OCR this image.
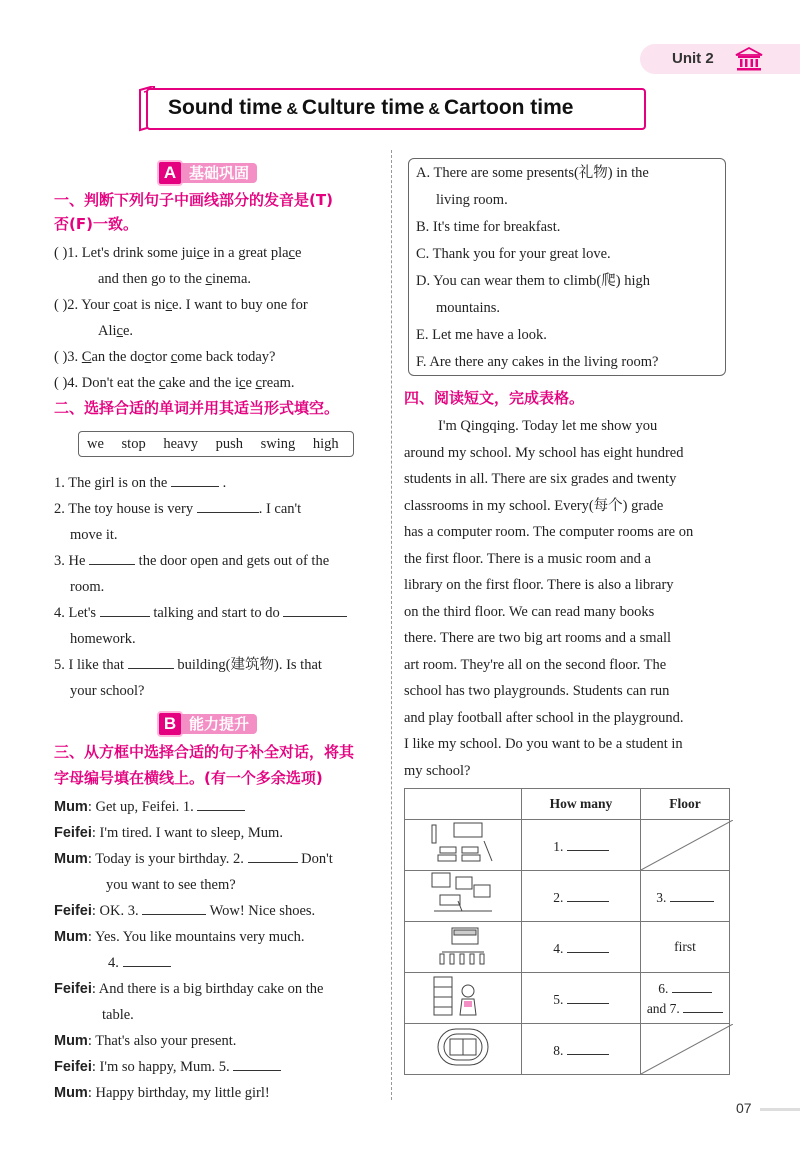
Unit 2
Sound time & Culture time & Cartoon time
A 基础巩固
一、判断下列句子中画线部分的发音是(T)
否(F)一致。
( )1. Let's drink some juice in a great place
and then go to the cinema.
( )2. Your coat is nice. I want to buy one for
Alice.
( )3. Can the doctor come back today?
( )4. Don't eat the cake and the ice cream.
二、选择合适的单词并用其适当形式填空。
we stop heavy push swing high
1. The girl is on the	.
2. The toy house is very	. I can't
move it.
3. He	the door open and gets out of the
room.
4. Let's	talking and start to do
homework.
5. I like that	building(建筑物). Is that
your school?
B 能力提升
三、从方框中选择合适的句子补全对话，将其
字母编号填在横线上。(有一个多余选项)
Mum: Get up, Feifei. 1.
Feifei: I'm tired. I want to sleep, Mum.
Mum: Today is your birthday. 2.	Don't
you want to see them?
Feifei: OK. 3.	Wow! Nice shoes.
Mum: Yes. You like mountains very much.
4.
Feifei: And there is a big birthday cake on the
table.
Mum: That's also your present.
Feifei: I'm so happy, Mum. 5.
Mum: Happy birthday, my little girl!
A. There are some presents(礼物) in the
living room.
B. It's time for breakfast.
C. Thank you for your great love.
D. You can wear them to climb(爬) high
mountains.
E. Let me have a look.
F. Are there any cakes in the living room?
四、阅读短文，完成表格。
I'm Qingqing. Today let me show you
around my school. My school has eight hundred
students in all. There are six grades and twenty
classrooms in my school. Every(每个) grade
has a computer room. The computer rooms are on
the first floor. There is a music room and a
library on the first floor. There is also a library
on the third floor. We can read many books
there. There are two big art rooms and a small
art room. They're all on the second floor. The
school has two playgrounds. Students can run
and play football after school in the playground.
I like my school. Do you want to be a student in
my school?
	How many	Floor
	1.	

	2.	3.
	4.	first
	5.	6.
and 7.
	8.	
07
